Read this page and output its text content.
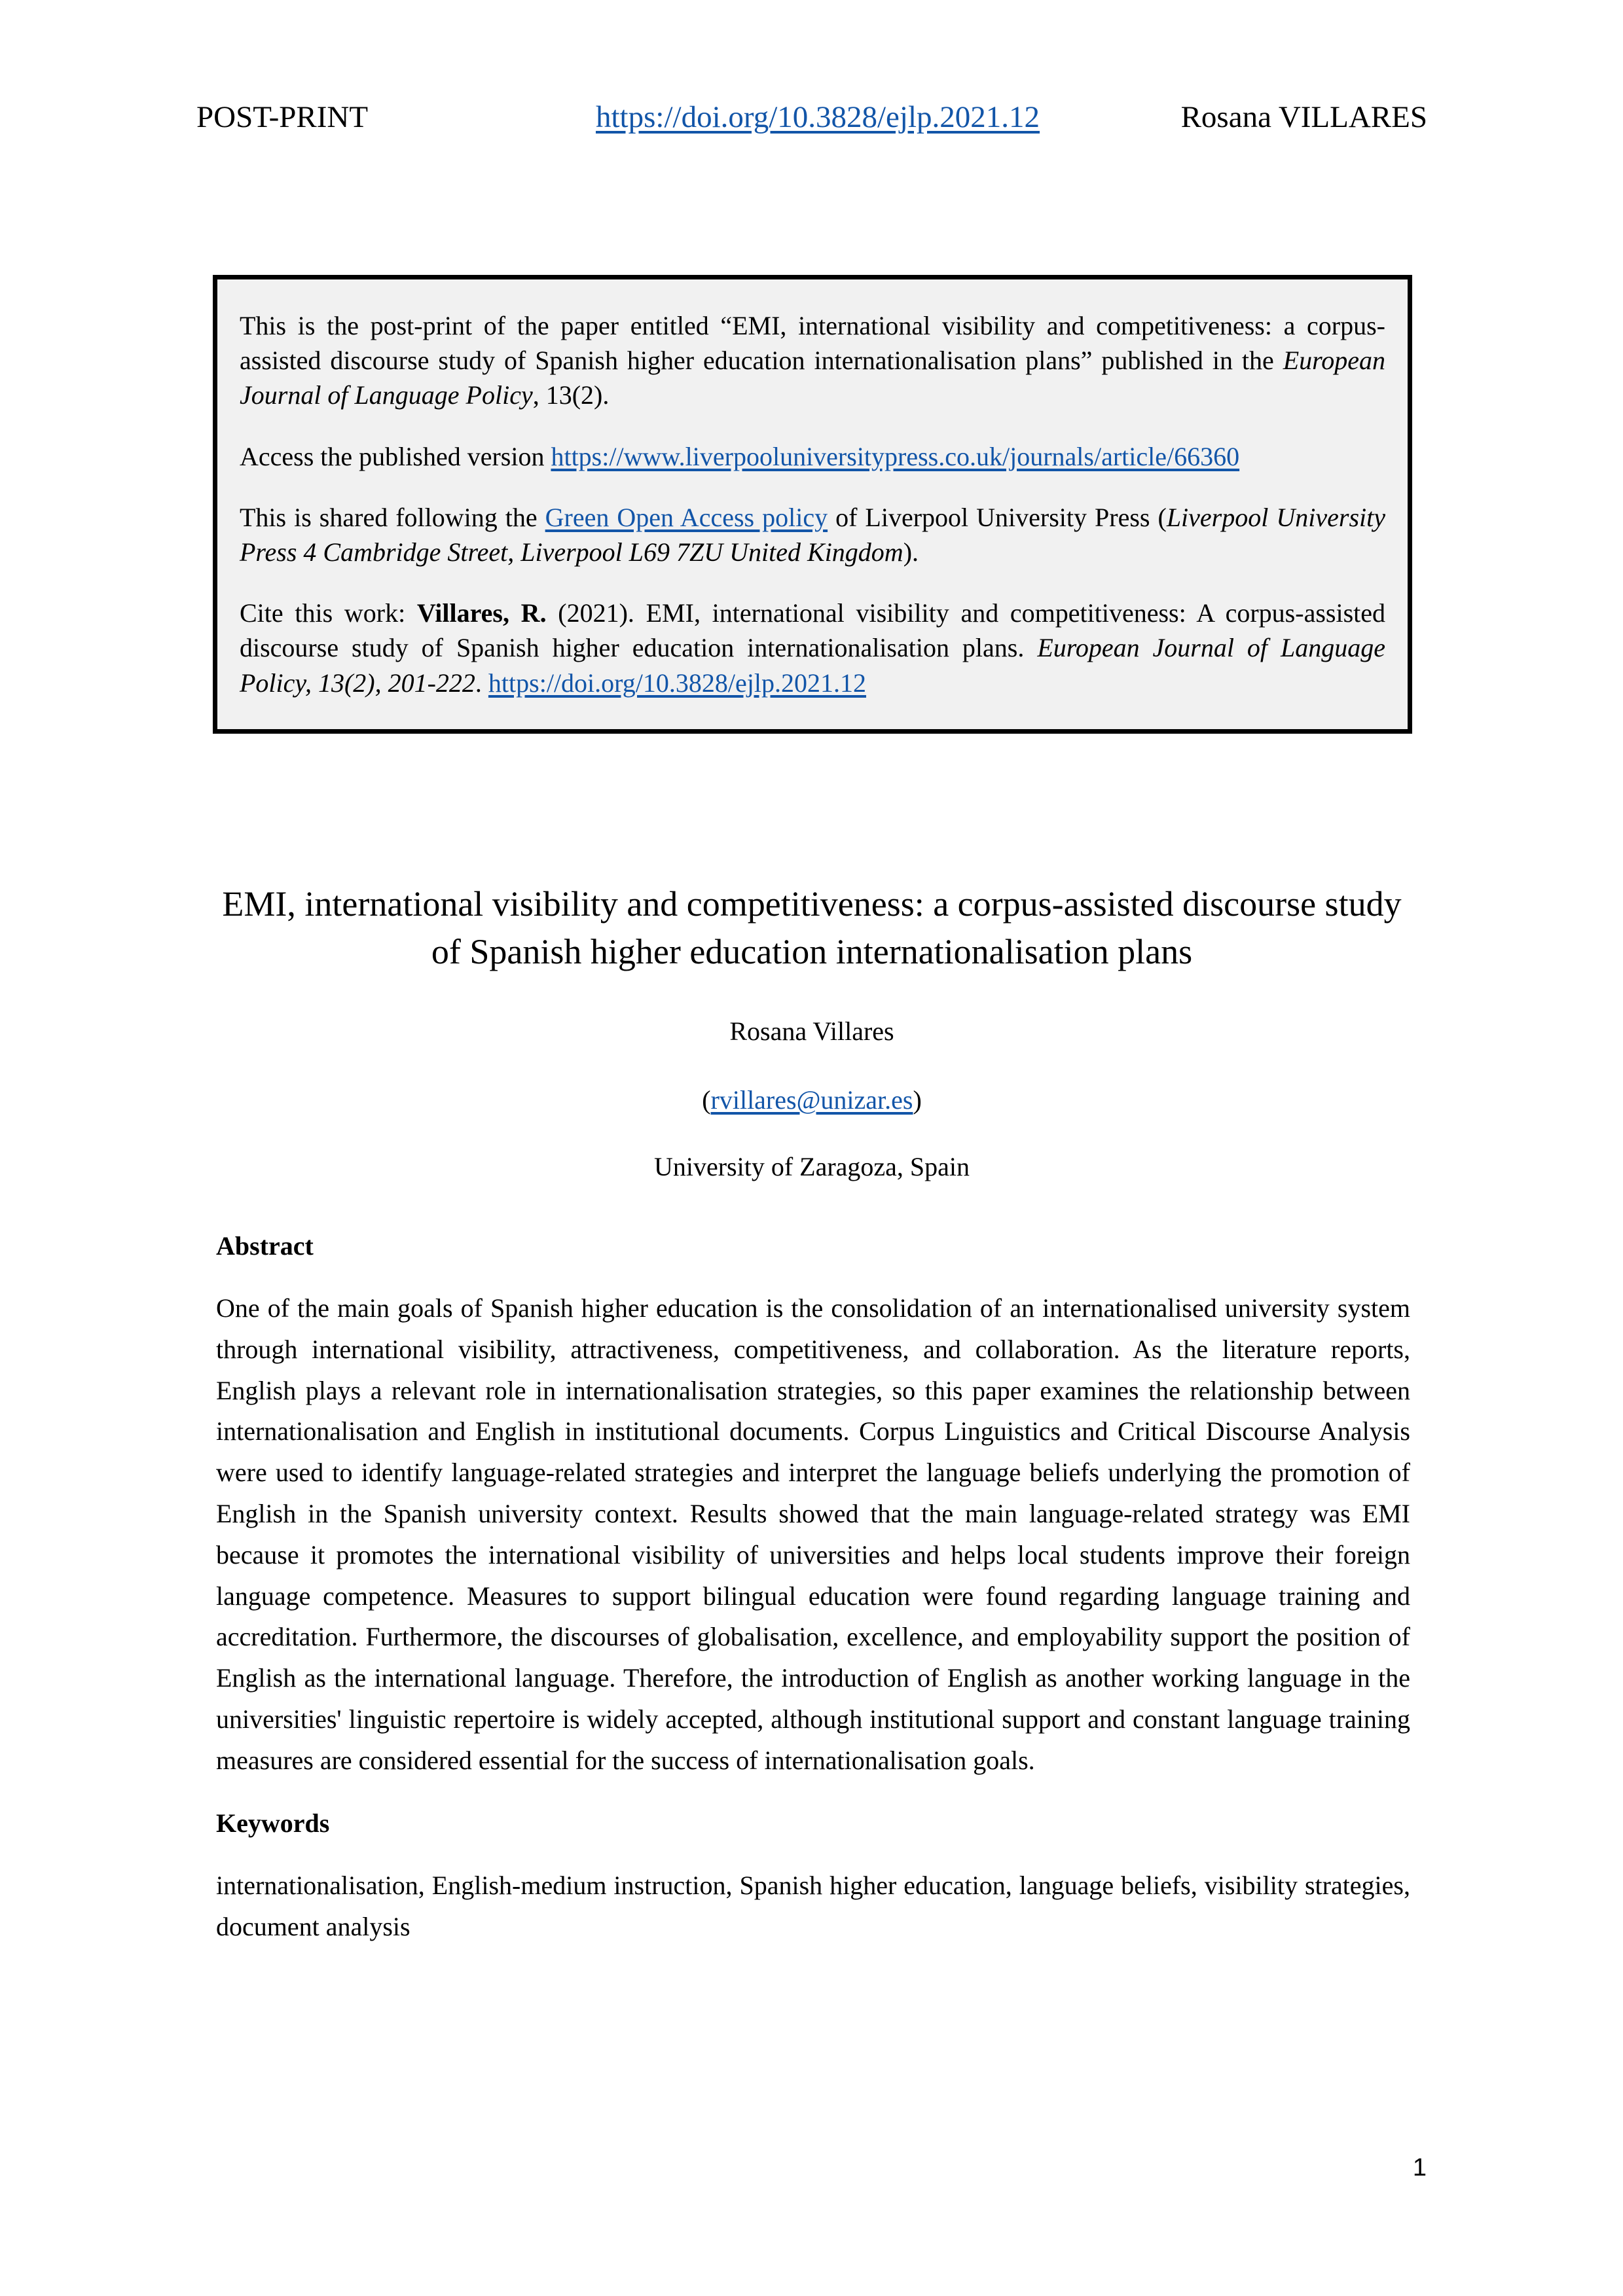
POST-PRINT	https://doi.org/10.3828/ejlp.2021.12	Rosana VILLARES

This is the post-print of the paper entitled “EMI, international visibility and competitiveness: a corpus-assisted discourse study of Spanish higher education internationalisation plans” published in the European Journal of Language Policy, 13(2).

Access the published version https://www.liverpooluniversitypress.co.uk/journals/article/66360

This is shared following the Green Open Access policy of Liverpool University Press (Liverpool University Press 4 Cambridge Street, Liverpool L69 7ZU United Kingdom).

Cite this work: Villares, R. (2021). EMI, international visibility and competitiveness: A corpus-assisted discourse study of Spanish higher education internationalisation plans. European Journal of Language Policy, 13(2), 201-222. https://doi.org/10.3828/ejlp.2021.12

EMI, international visibility and competitiveness: a corpus-assisted discourse study of Spanish higher education internationalisation plans
Rosana Villares
(rvillares@unizar.es)
University of Zaragoza, Spain

Abstract

One of the main goals of Spanish higher education is the consolidation of an internationalised university system through international visibility, attractiveness, competitiveness, and collaboration. As the literature reports, English plays a relevant role in internationalisation strategies, so this paper examines the relationship between internationalisation and English in institutional documents. Corpus Linguistics and Critical Discourse Analysis were used to identify language-related strategies and interpret the language beliefs underlying the promotion of English in the Spanish university context. Results showed that the main language-related strategy was EMI because it promotes the international visibility of universities and helps local students improve their foreign language competence. Measures to support bilingual education were found regarding language training and accreditation. Furthermore, the discourses of globalisation, excellence, and employability support the position of English as the international language. Therefore, the introduction of English as another working language in the universities' linguistic repertoire is widely accepted, although institutional support and constant language training measures are considered essential for the success of internationalisation goals.

Keywords

internationalisation, English-medium instruction, Spanish higher education, language beliefs, visibility strategies, document analysis

1
